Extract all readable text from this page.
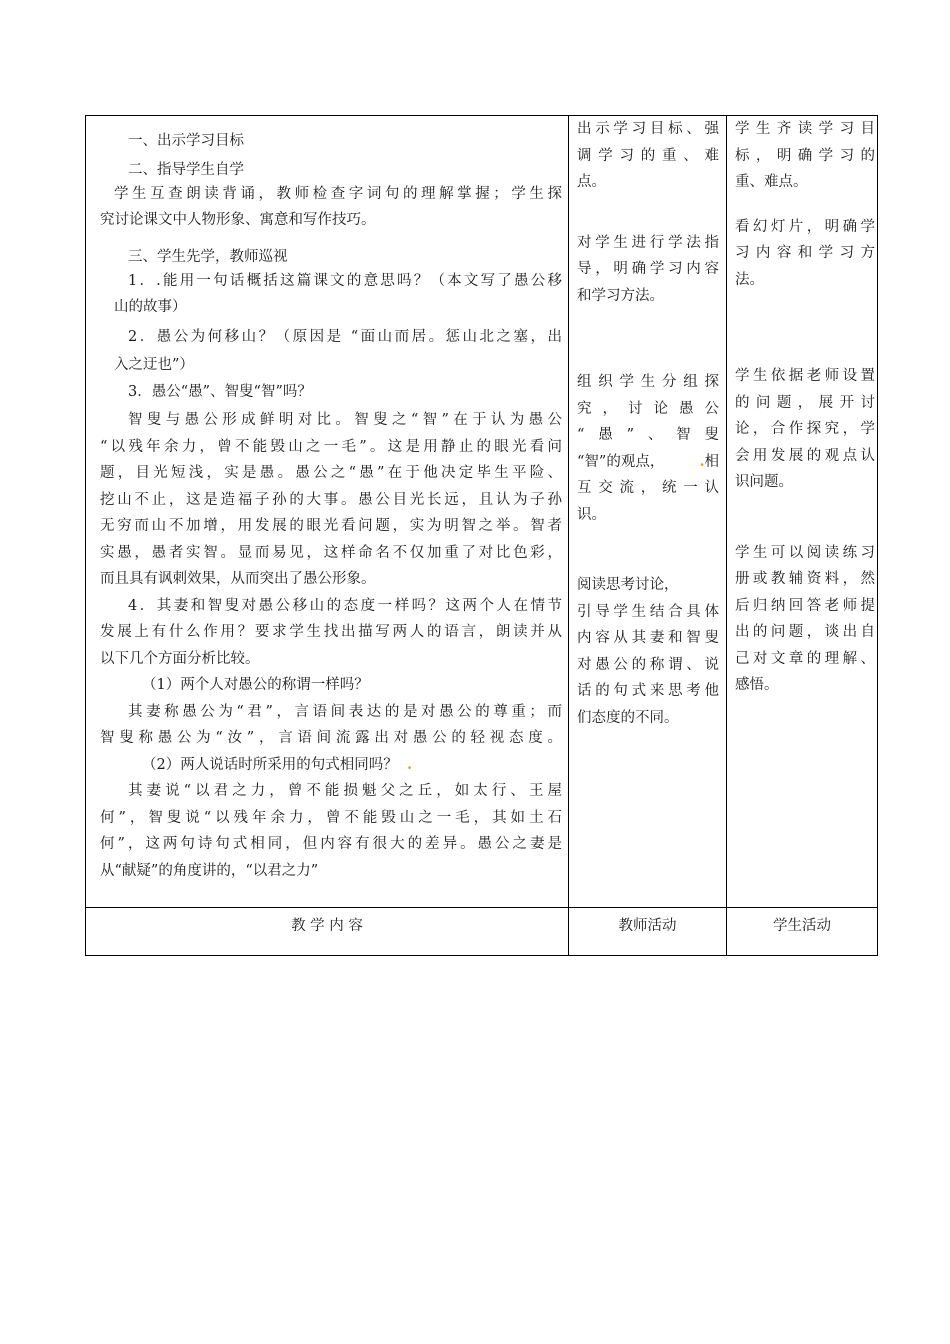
一、出示学习目标

二、指导学生自学

学生互查朗读背诵，教师检查字词句的理解掌握；学生探

究讨论课文中人物形象、寓意和写作技巧。

三、学生先学，教师巡视

1．.能用一句话概括这篇课文的意思吗？（本文写了愚公移

山的故事）

2．愚公为何移山？（原因是 “面山而居。惩山北之塞，出

入之迂也”）

3．愚公“愚”、智叟“智”吗？

智叟与愚公形成鲜明对比。智叟之“智”在于认为愚公

“以残年余力，曾不能毁山之一毛”。这是用静止的眼光看问

题，目光短浅，实是愚。愚公之“愚”在于他决定毕生平险、

挖山不止，这是造福子孙的大事。愚公目光长远，且认为子孙

无穷而山不加增，用发展的眼光看问题，实为明智之举。智者

实愚，愚者实智。显而易见，这样命名不仅加重了对比色彩，

而且具有讽刺效果，从而突出了愚公形象。

4．其妻和智叟对愚公移山的态度一样吗？这两个人在情节

发展上有什么作用？要求学生找出描写两人的语言，朗读并从

以下几个方面分析比较。

（1）两个人对愚公的称谓一样吗？

其妻称愚公为“君”，言语间表达的是对愚公的尊重；而

智叟称愚公为“汝”，言语间流露出对愚公的轻视态度。

（2）两人说话时所采用的句式相同吗？ .

其妻说“以君之力，曾不能损魁父之丘，如太行、王屋

何”，智叟说“以残年余力，曾不能毁山之一毛，其如土石

何”，这两句诗句式相同，但内容有很大的差异。愚公之妻是

从“献疑”的角度讲的，“以君之力”

出示学习目标、强

调学习的重、难

点。

对学生进行学法指

导，明确学习内容

和学习方法。

组织学生分组探

究，讨论愚公

“愚”、智叟

“智”的观点， .相

互交流，统一认

识。

阅读思考讨论，

引导学生结合具体

内容从其妻和智叟

对愚公的称谓、说

话的句式来思考他

们态度的不同。

学生齐读学习目

标，明确学习的

重、难点。

看幻灯片，明确学

习内容和学习方

法。

学生依据老师设置

的问题，展开讨

论，合作探究，学

会用发展的观点认

识问题。

学生可以阅读练习

册或教辅资料，然

后归纳回答老师提

出的问题，谈出自

己对文章的理解、

感悟。

教 学 内 容	教师活动	学生活动
